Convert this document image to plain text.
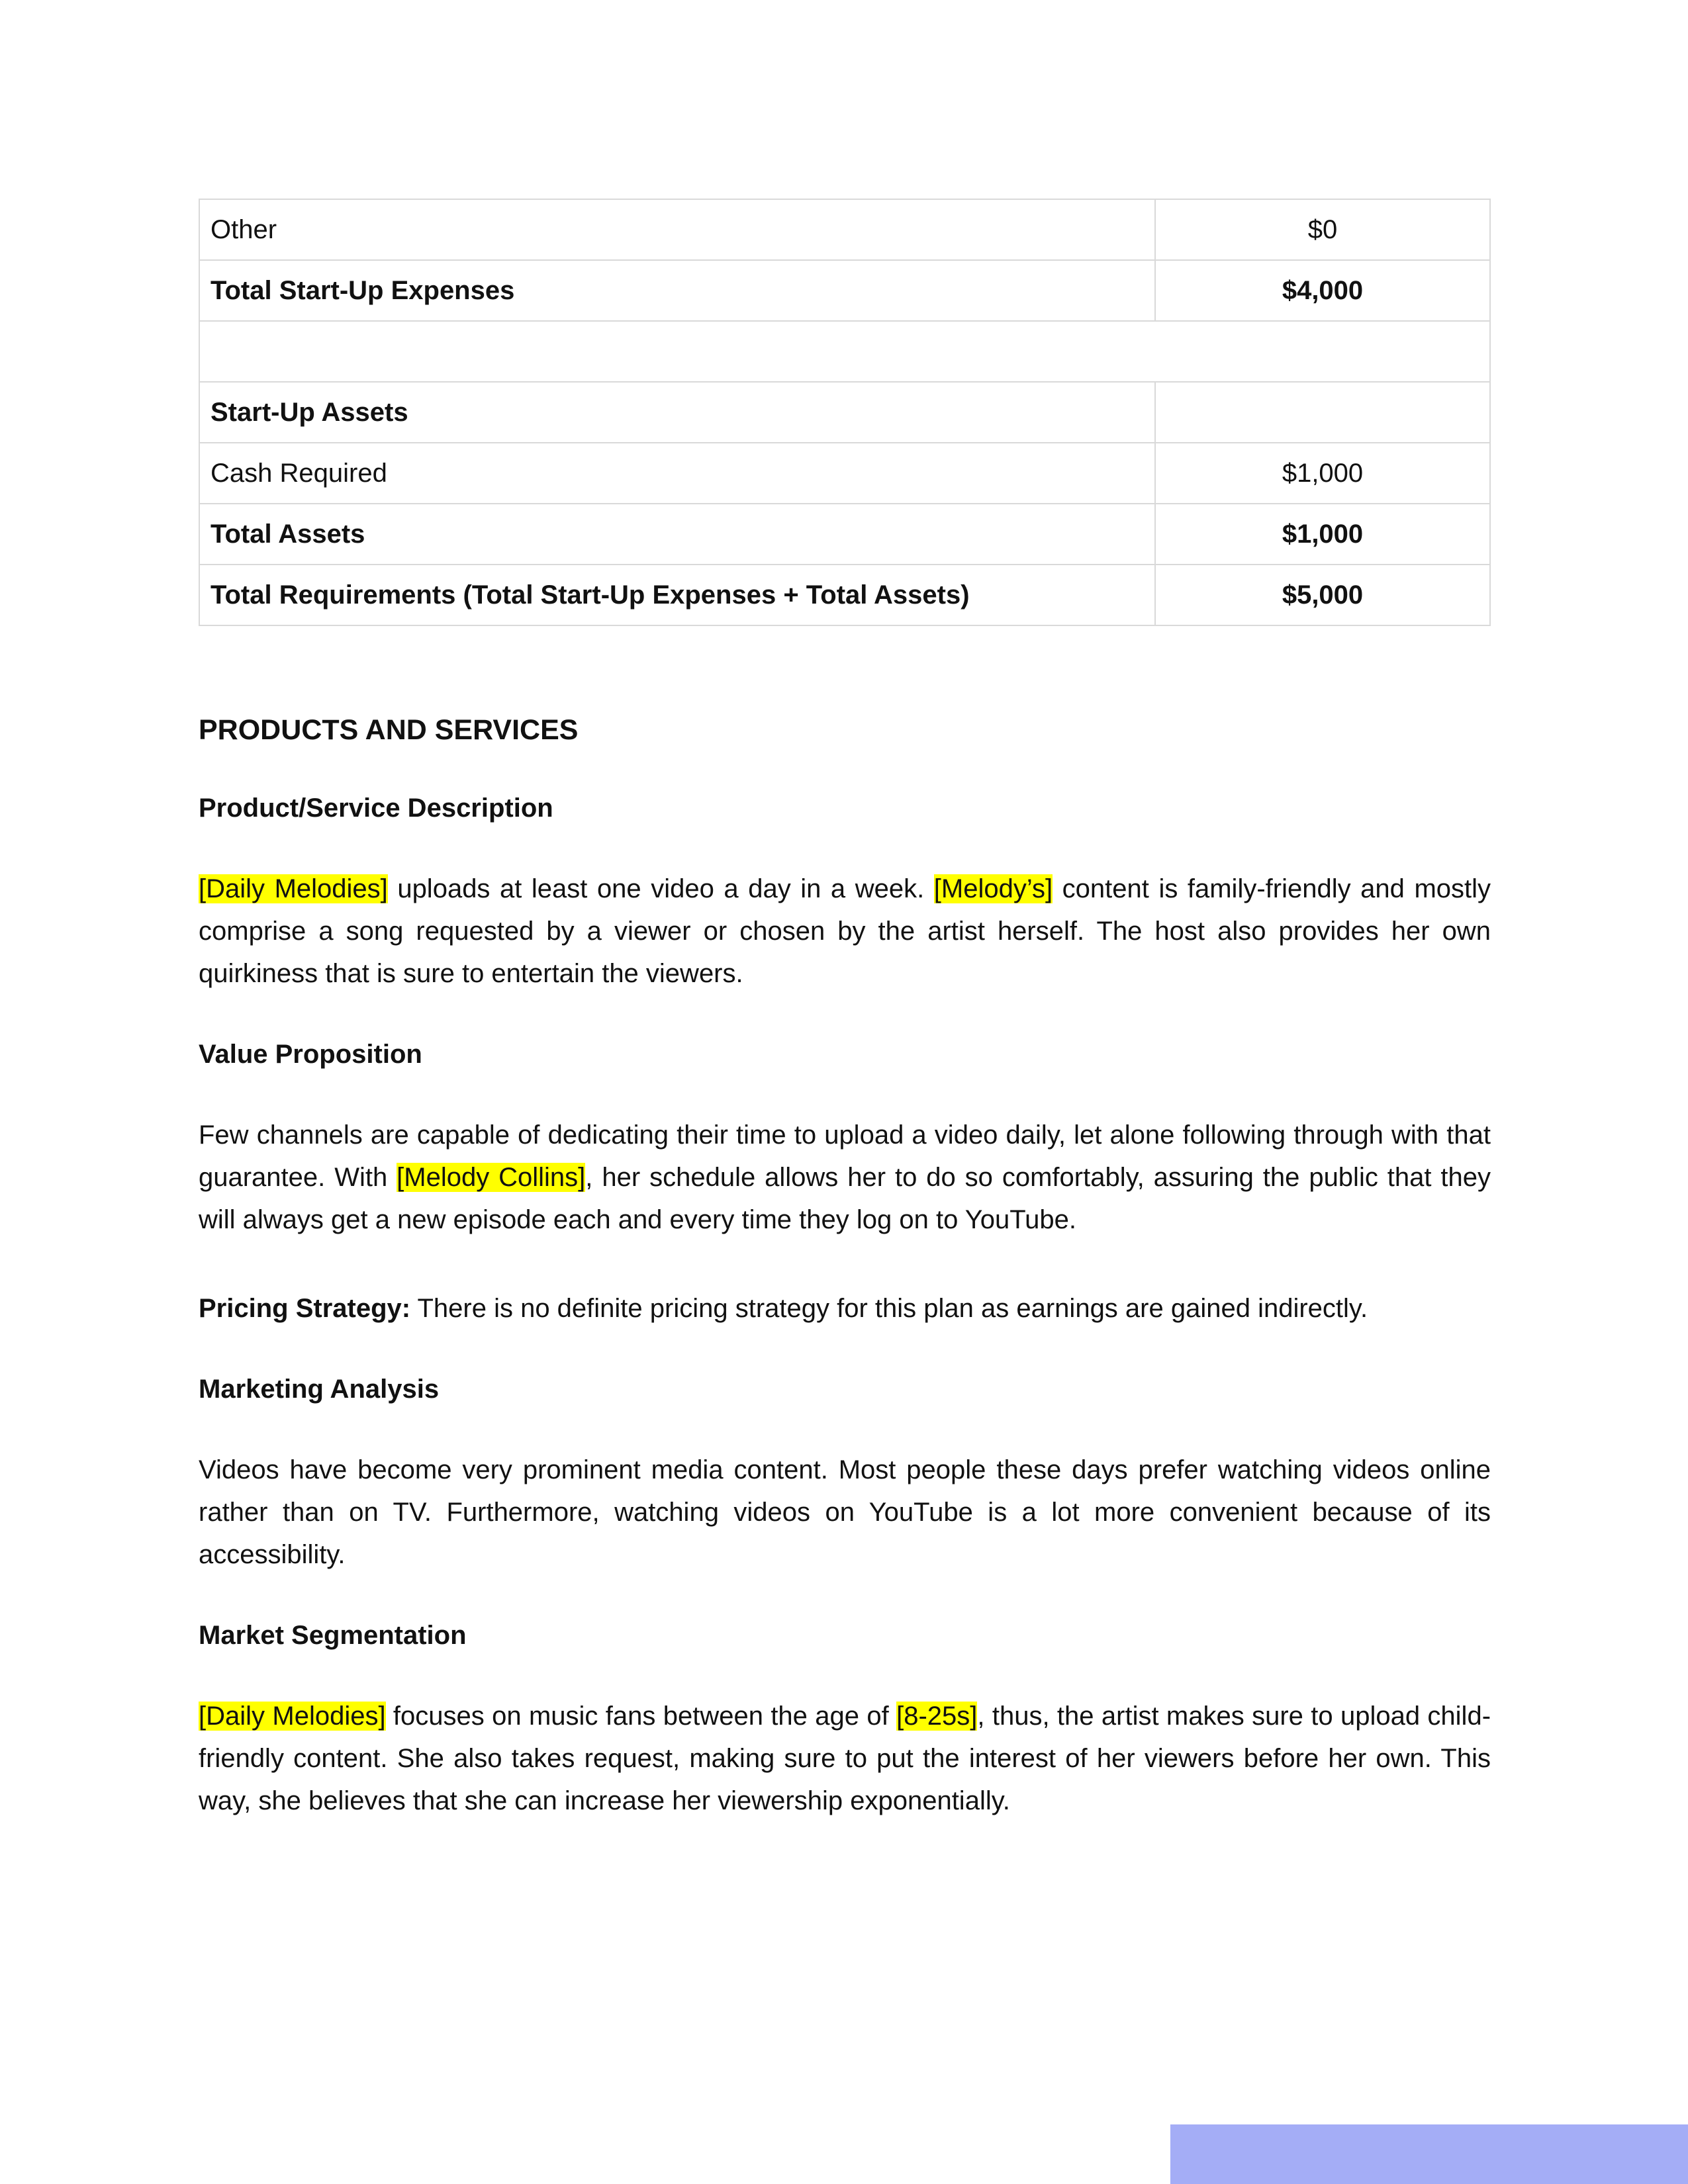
Other	$0
Total Start-Up Expenses	$4,000

Start-Up Assets	
Cash Required	$1,000
Total Assets	$1,000
Total Requirements (Total Start-Up Expenses + Total Assets)	$5,000
PRODUCTS AND SERVICES
Product/Service Description

[Daily Melodies] uploads at least one video a day in a week. [Melody’s] content is family-friendly and mostly comprise a song requested by a viewer or chosen by the artist herself. The host also provides her own quirkiness that is sure to entertain the viewers.

Value Proposition

Few channels are capable of dedicating their time to upload a video daily, let alone following through with that guarantee. With [Melody Collins], her schedule allows her to do so comfortably, assuring the public that they will always get a new episode each and every time they log on to YouTube.

Pricing Strategy: There is no definite pricing strategy for this plan as earnings are gained indirectly.

Marketing Analysis

Videos have become very prominent media content. Most people these days prefer watching videos online rather than on TV. Furthermore, watching videos on YouTube is a lot more convenient because of its accessibility.

Market Segmentation

[Daily Melodies] focuses on music fans between the age of [8-25s], thus, the artist makes sure to upload child-friendly content. She also takes request, making sure to put the interest of her viewers before her own. This way, she believes that she can increase her viewership exponentially.
